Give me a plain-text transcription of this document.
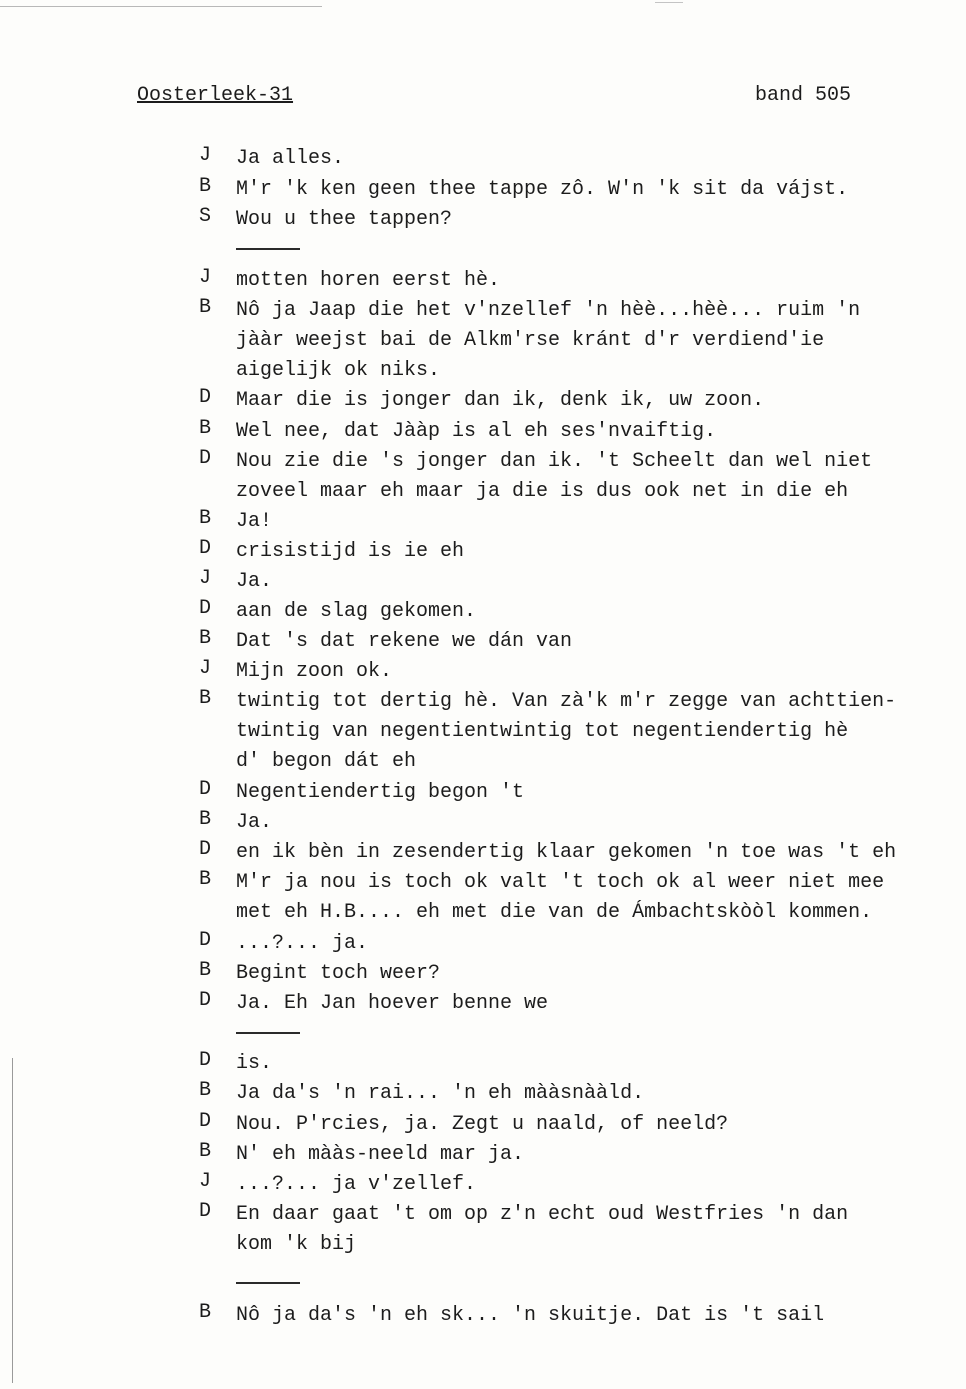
Oosterleek-31	band 505
J	Ja alles.
B	M'r 'k ken geen thee tappe zô. W'n 'k sit da vájst.
S	Wou u thee tappen?
J	motten horen eerst hè.
B	Nô ja Jaap die het v'nzellef 'n hèè...hèè... ruim 'n
jààr weejst bai de Alkm'rse kránt d'r verdiend'ie
aigelijk ok niks.
D	Maar die is jonger dan ik, denk ik, uw zoon.
B	Wel nee, dat Jààp is al eh ses'nvaiftig.
D	Nou zie die 's jonger dan ik. 't Scheelt dan wel niet
zoveel maar eh maar ja die is dus ook net in die eh
B	Ja!
D	crisistijd is ie eh
J	Ja.
D	aan de slag gekomen.
B	Dat 's dat rekene we dán van
J	Mijn zoon ok.
B	twintig tot dertig hè. Van zà'k m'r zegge van achttien-
twintig van negentientwintig tot negentiendertig hè
d' begon dát eh
D	Negentiendertig begon 't
B	Ja.
D	en ik bèn in zesendertig klaar gekomen 'n toe was 't eh
B	M'r ja nou is toch ok valt 't toch ok al weer niet mee
met eh H.B.... eh met die van de Ámbachtskòòl kommen.
D	...?... ja.
B	Begint toch weer?
D	Ja. Eh Jan hoever benne we
D	is.
B	Ja da's 'n rai... 'n eh mààsnààld.
D	Nou. P'rcies, ja. Zegt u naald, of neeld?
B	N' eh mààs-neeld mar ja.
J	...?... ja v'zellef.
D	En daar gaat 't om op z'n echt oud Westfries 'n dan
kom 'k bij
B	Nô ja da's 'n eh sk... 'n skuitje. Dat is 't sail
